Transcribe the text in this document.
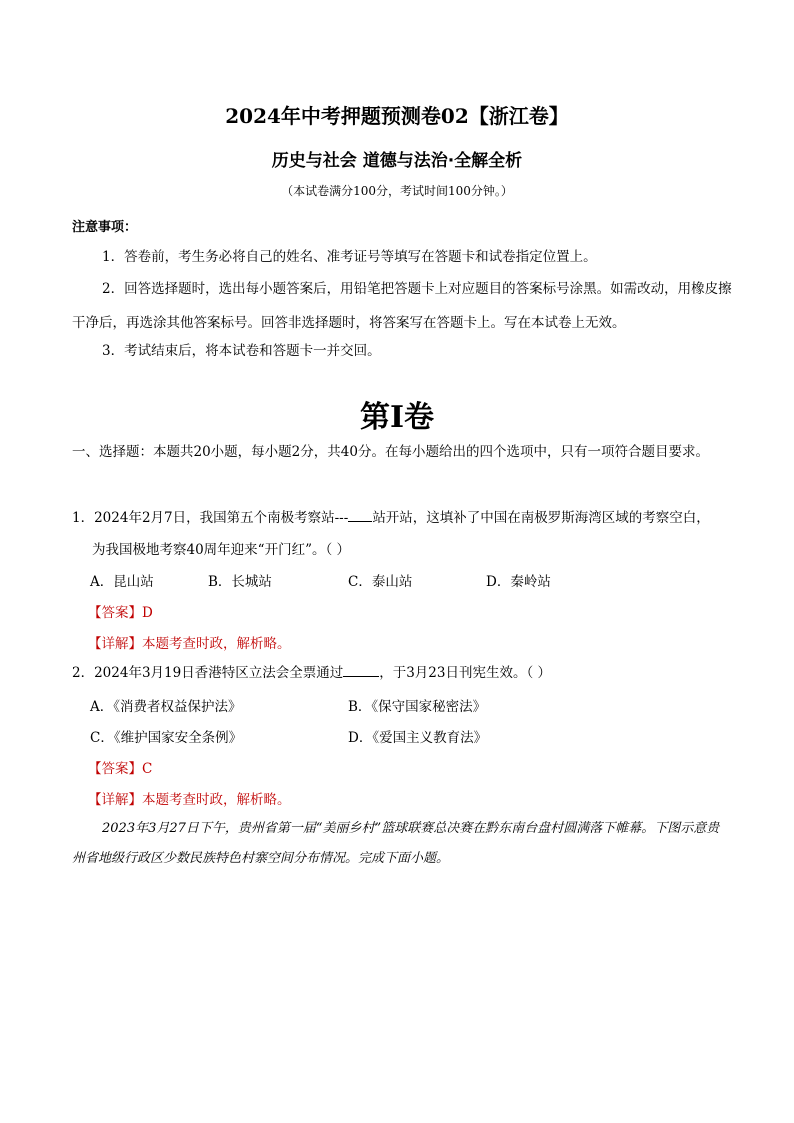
2024年中考押题预测卷02【浙江卷】
历史与社会 道德与法治·全解全析
（本试卷满分100分，考试时间100分钟。）
注意事项：
1．答卷前，考生务必将自己的姓名、准考证号等填写在答题卡和试卷指定位置上。
2．回答选择题时，选出每小题答案后，用铅笔把答题卡上对应题目的答案标号涂黑。如需改动，用橡皮擦干净后，再选涂其他答案标号。回答非选择题时，将答案写在答题卡上。写在本试卷上无效。
3．考试结束后，将本试卷和答题卡一并交回。
第Ⅰ卷
一、选择题：本题共20小题，每小题2分，共40分。在每小题给出的四个选项中，只有一项符合题目要求。
1．2024年2月7日，我国第五个南极考察站--- 站开站，这填补了中国在南极罗斯海湾区域的考察空白，
为我国极地考察40周年迎来“开门红”。（ ）
A．昆山站	B．长城站	C．泰山站	D．秦岭站
【答案】D
【详解】本题考查时政，解析略。
2．2024年3月19日香港特区立法会全票通过	，于3月23日刊宪生效。（ ）
A．《消费者权益保护法》	B．《保守国家秘密法》
C．《维护国家安全条例》	D．《爱国主义教育法》
【答案】C
【详解】本题考查时政，解析略。
2023年3月27日下午，贵州省第一届“美丽乡村”篮球联赛总决赛在黔东南台盘村圆满落下帷幕。下图示意贵州省地级行政区少数民族特色村寨空间分布情况。完成下面小题。
